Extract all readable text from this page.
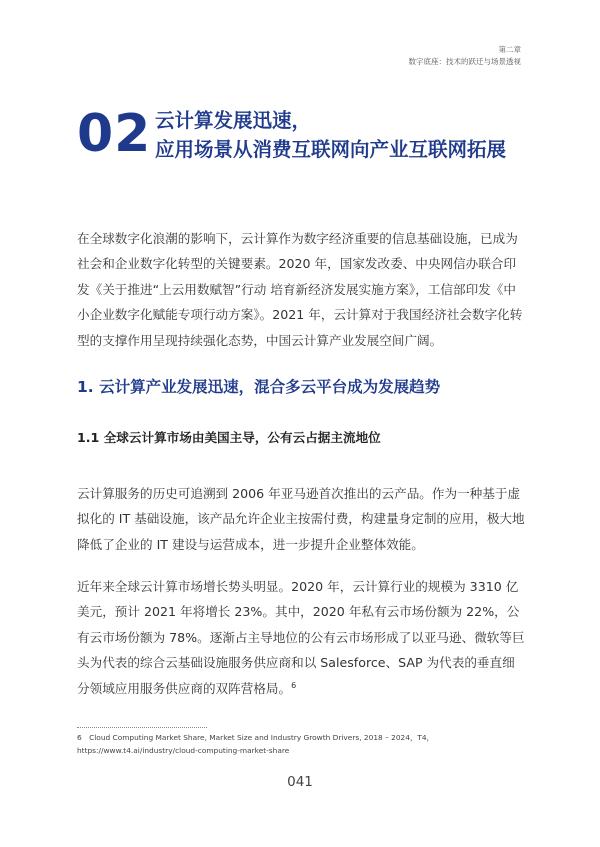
第二章
数字底座：技术的跃迁与场景透视
02 云计算发展迅速，
应用场景从消费互联网向产业互联网拓展

在全球数字化浪潮的影响下，云计算作为数字经济重要的信息基础设施，已成为社会和企业数字化转型的关键要素。2020 年，国家发改委、中央网信办联合印发《关于推进“上云用数赋智”行动 培育新经济发展实施方案》，工信部印发《中小企业数字化赋能专项行动方案》。2021 年，云计算对于我国经济社会数字化转型的支撑作用呈现持续强化态势，中国云计算产业发展空间广阔。

1. 云计算产业发展迅速，混合多云平台成为发展趋势
1.1 全球云计算市场由美国主导，公有云占据主流地位

云计算服务的历史可追溯到 2006 年亚马逊首次推出的云产品。作为一种基于虚拟化的 IT 基础设施，该产品允许企业主按需付费，构建量身定制的应用，极大地降低了企业的 IT 建设与运营成本，进一步提升企业整体效能。

近年来全球云计算市场增长势头明显。2020 年，云计算行业的规模为 3310 亿美元，预计 2021 年将增长 23%。其中，2020 年私有云市场份额为 22%，公有云市场份额为 78%。逐渐占主导地位的公有云市场形成了以亚马逊、微软等巨头为代表的综合云基础设施服务供应商和以 Salesforce、SAP 为代表的垂直细分领域应用服务供应商的双阵营格局。$^6$

6　Cloud Computing Market Share, Market Size and Industry Growth Drivers, 2018 – 2024，T4，https://www.t4.ai/industry/cloud-computing-market-share

041
